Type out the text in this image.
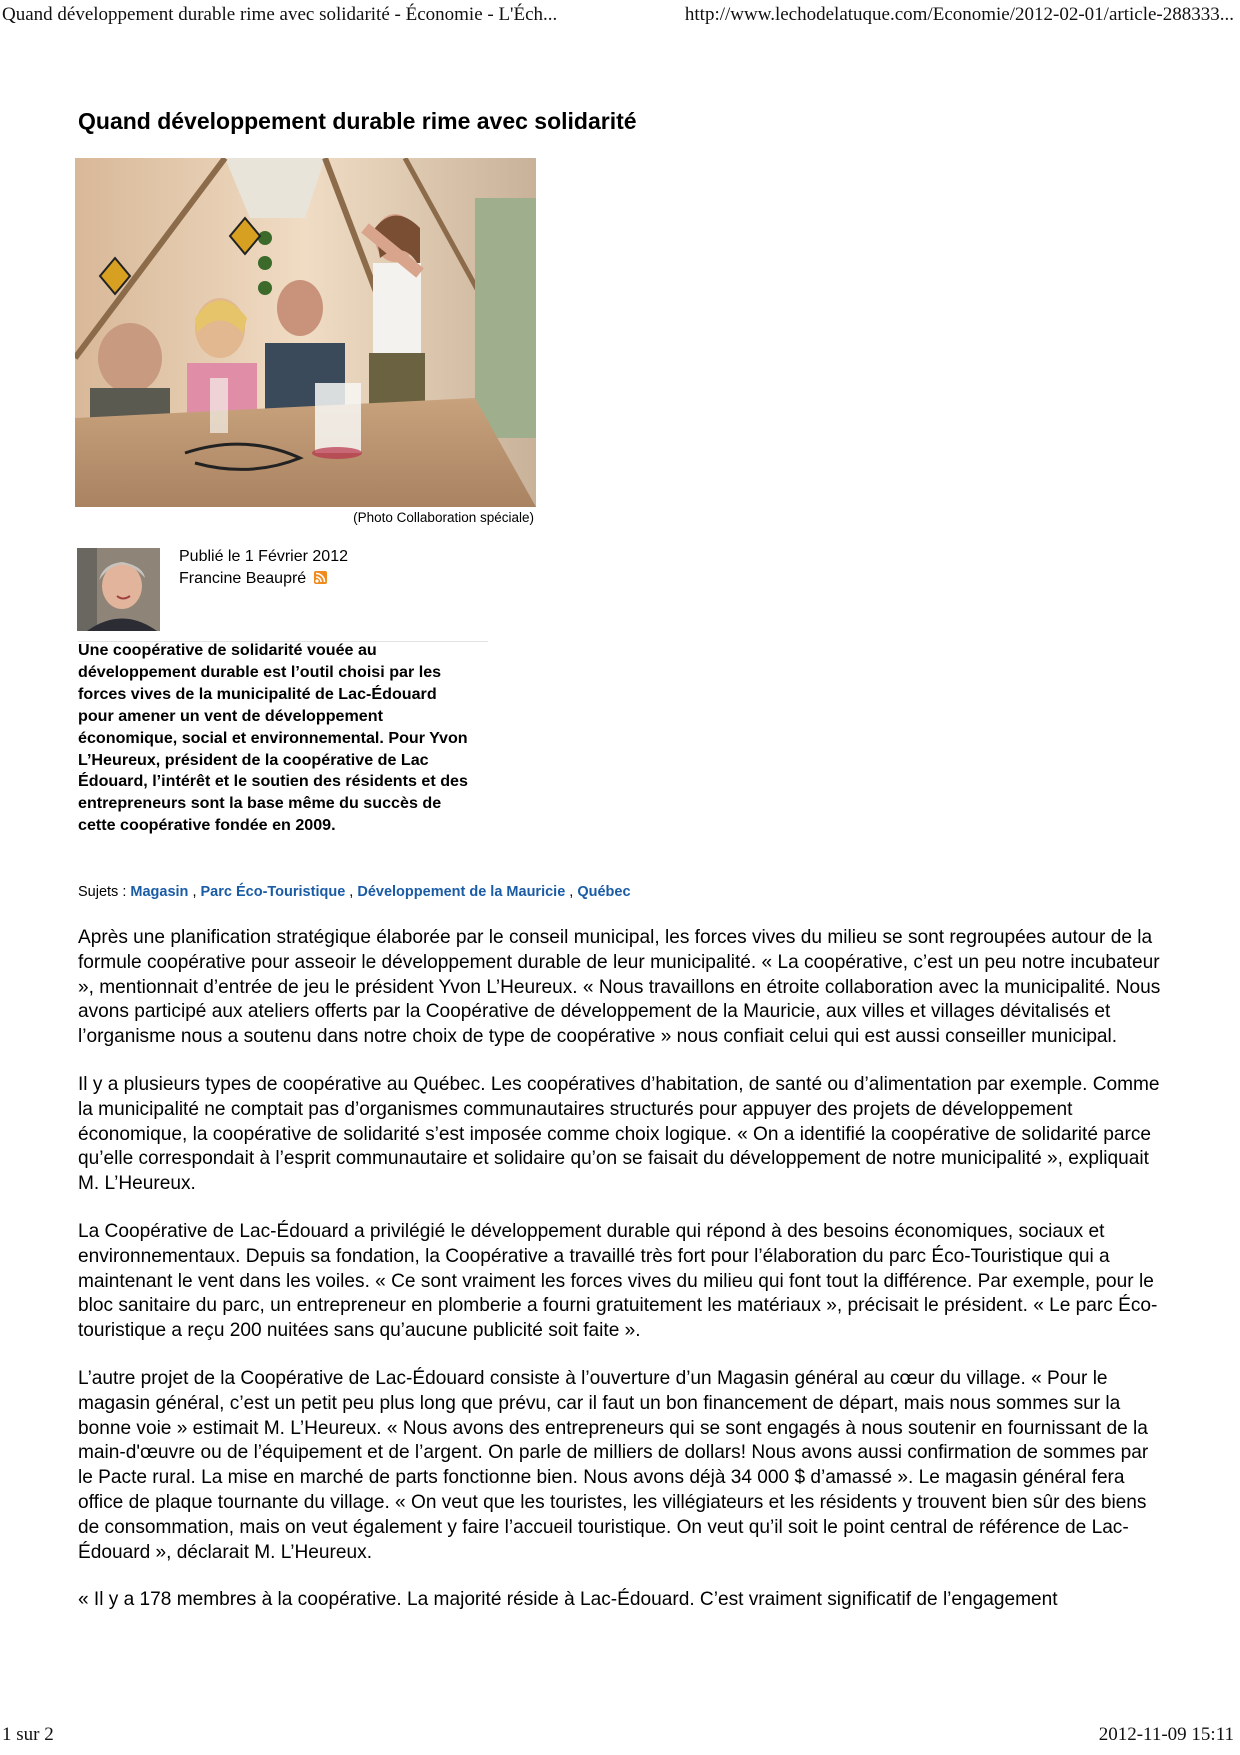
Quand développement durable rime avec solidarité - Économie - L'Éch...	http://www.lechodelatuque.com/Economie/2012-02-01/article-288333...
Quand développement durable rime avec solidarité
(Photo Collaboration spéciale)
Publié le 1 Février 2012
Francine Beaupré

Une coopérative de solidarité vouée au développement durable est l’outil choisi par les forces vives de la municipalité de Lac-Édouard pour amener un vent de développement économique, social et environnemental. Pour Yvon L’Heureux, président de la coopérative de Lac Édouard, l’intérêt et le soutien des résidents et des entrepreneurs sont la base même du succès de cette coopérative fondée en 2009.

Sujets : Magasin , Parc Éco-Touristique , Développement de la Mauricie , Québec

Après une planification stratégique élaborée par le conseil municipal, les forces vives du milieu se sont regroupées autour de la formule coopérative pour asseoir le développement durable de leur municipalité. « La coopérative, c’est un peu notre incubateur », mentionnait d’entrée de jeu le président Yvon L’Heureux. « Nous travaillons en étroite collaboration avec la municipalité. Nous avons participé aux ateliers offerts par la Coopérative de développement de la Mauricie, aux villes et villages dévitalisés et l’organisme nous a soutenu dans notre choix de type de coopérative » nous confiait celui qui est aussi conseiller municipal.

Il y a plusieurs types de coopérative au Québec. Les coopératives d’habitation, de santé ou d’alimentation par exemple. Comme la municipalité ne comptait pas d’organismes communautaires structurés pour appuyer des projets de développement économique, la coopérative de solidarité s’est imposée comme choix logique. « On a identifié la coopérative de solidarité parce qu’elle correspondait à l’esprit communautaire et solidaire qu’on se faisait du développement de notre municipalité », expliquait M. L’Heureux.

La Coopérative de Lac-Édouard a privilégié le développement durable qui répond à des besoins économiques, sociaux et environnementaux. Depuis sa fondation, la Coopérative a travaillé très fort pour l’élaboration du parc Éco-Touristique qui a maintenant le vent dans les voiles. « Ce sont vraiment les forces vives du milieu qui font tout la différence. Par exemple, pour le bloc sanitaire du parc, un entrepreneur en plomberie a fourni gratuitement les matériaux », précisait le président. « Le parc Éco-touristique a reçu 200 nuitées sans qu’aucune publicité soit faite ».

L’autre projet de la Coopérative de Lac-Édouard consiste à l’ouverture d’un Magasin général au cœur du village. « Pour le magasin général, c’est un petit peu plus long que prévu, car il faut un bon financement de départ, mais nous sommes sur la bonne voie » estimait M. L’Heureux. « Nous avons des entrepreneurs qui se sont engagés à nous soutenir en fournissant de la main-d'œuvre ou de l’équipement et de l’argent. On parle de milliers de dollars! Nous avons aussi confirmation de sommes par le Pacte rural. La mise en marché de parts fonctionne bien. Nous avons déjà 34 000 $ d’amassé ». Le magasin général fera office de plaque tournante du village. « On veut que les touristes, les villégiateurs et les résidents y trouvent bien sûr des biens de consommation, mais on veut également y faire l’accueil touristique. On veut qu’il soit le point central de référence de Lac-Édouard », déclarait M. L’Heureux.

« Il y a 178 membres à la coopérative. La majorité réside à Lac-Édouard. C’est vraiment significatif de l’engagement

1 sur 2	2012-11-09 15:11
